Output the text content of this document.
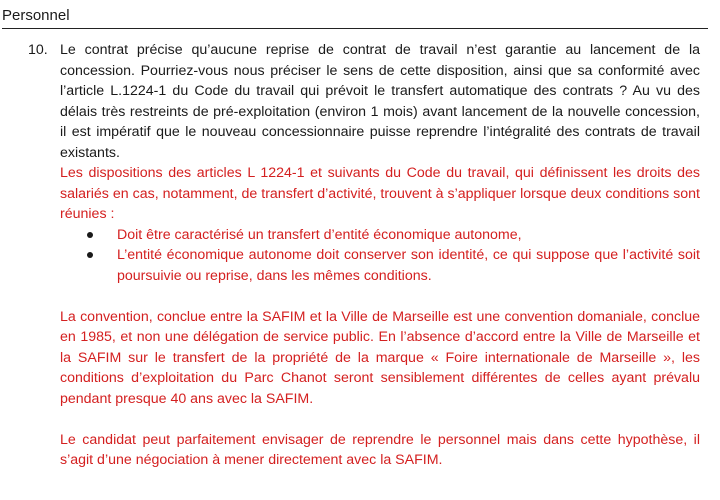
Personnel
10. Le contrat précise qu’aucune reprise de contrat de travail n’est garantie au lancement de la concession. Pourriez-vous nous préciser le sens de cette disposition, ainsi que sa conformité avec l’article L.1224-1 du Code du travail qui prévoit le transfert automatique des contrats ? Au vu des délais très restreints de pré-exploitation (environ 1 mois) avant lancement de la nouvelle concession, il est impératif que le nouveau concessionnaire puisse reprendre l’intégralité des contrats de travail existants.

Les dispositions des articles L 1224-1 et suivants du Code du travail, qui définissent les droits des salariés en cas, notamment, de transfert d’activité, trouvent à s’appliquer lorsque deux conditions sont réunies :

Doit être caractérisé un transfert d’entité économique autonome,
L’entité économique autonome doit conserver son identité, ce qui suppose que l’activité soit poursuivie ou reprise, dans les mêmes conditions.

La convention, conclue entre la SAFIM et la Ville de Marseille est une convention domaniale, conclue en 1985, et non une délégation de service public. En l’absence d’accord entre la Ville de Marseille et la SAFIM sur le transfert de la propriété de la marque « Foire internationale de Marseille », les conditions d’exploitation du Parc Chanot seront sensiblement différentes de celles ayant prévalu pendant presque 40 ans avec la SAFIM.

Le candidat peut parfaitement envisager de reprendre le personnel mais dans cette hypothèse, il s’agit d’une négociation à mener directement avec la SAFIM.
